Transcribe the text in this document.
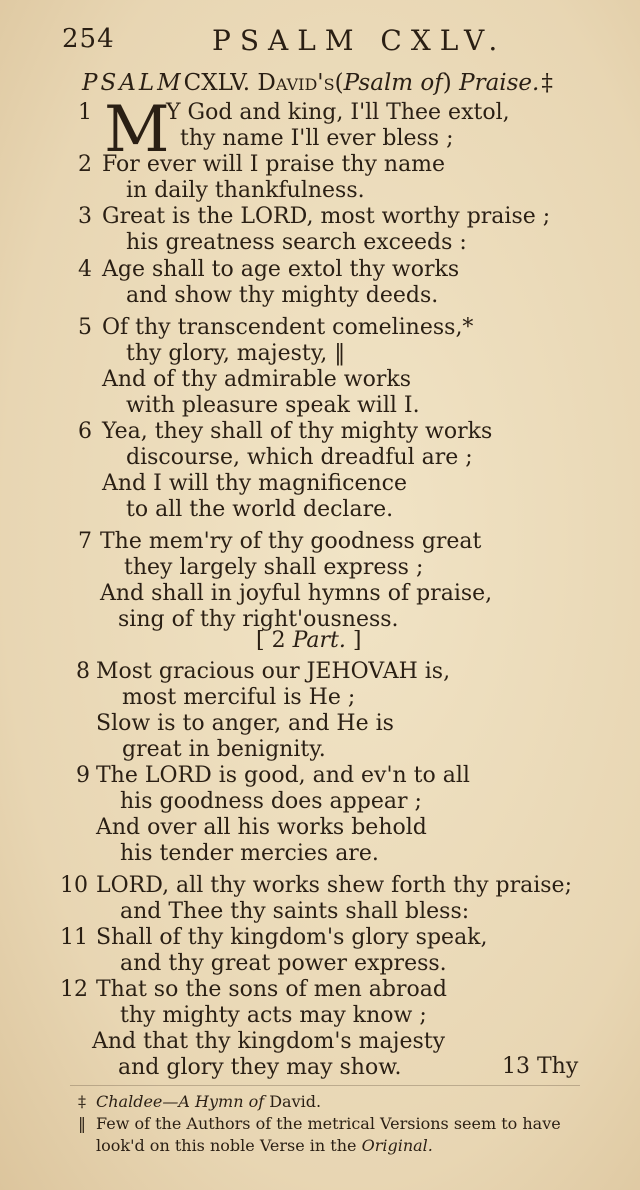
254	PSALM CXLV.
PSALMCXLV. David's(Psalm of) Praise.‡
1 M
Y God and king, I'll Thee extol,
thy name I'll ever bless ;
2 For ever will I praise thy name
in daily thankfulness.
3 Great is the LORD, most worthy praise ;
his greatness search exceeds :
4 Age shall to age extol thy works
and show thy mighty deeds.
5 Of thy transcendent comeliness,*
thy glory, majesty, ‖
And of thy admirable works
with pleasure speak will I.
6 Yea, they shall of thy mighty works
discourse, which dreadful are ;
And I will thy magnificence
to all the world declare.
7 The mem'ry of thy goodness great
they largely shall express ;
And shall in joyful hymns of praise,
sing of thy right'ousness.
[ 2 Part. ]
8 Most gracious our JEHOVAH is,
most merciful is He ;
Slow is to anger, and He is
great in benignity.
9 The LORD is good, and ev'n to all
his goodness does appear ;
And over all his works behold
his tender mercies are.
10 LORD, all thy works shew forth thy praise;
and Thee thy saints shall bless:
11 Shall of thy kingdom's glory speak,
and thy great power express.
12 That so the sons of men abroad
thy mighty acts may know ;
And that thy kingdom's majesty
and glory they may show.	13 Thy
‡ Chaldee—A Hymn of David.
‖ Few of the Authors of the metrical Versions seem to have
look'd on this noble Verse in the Original.
